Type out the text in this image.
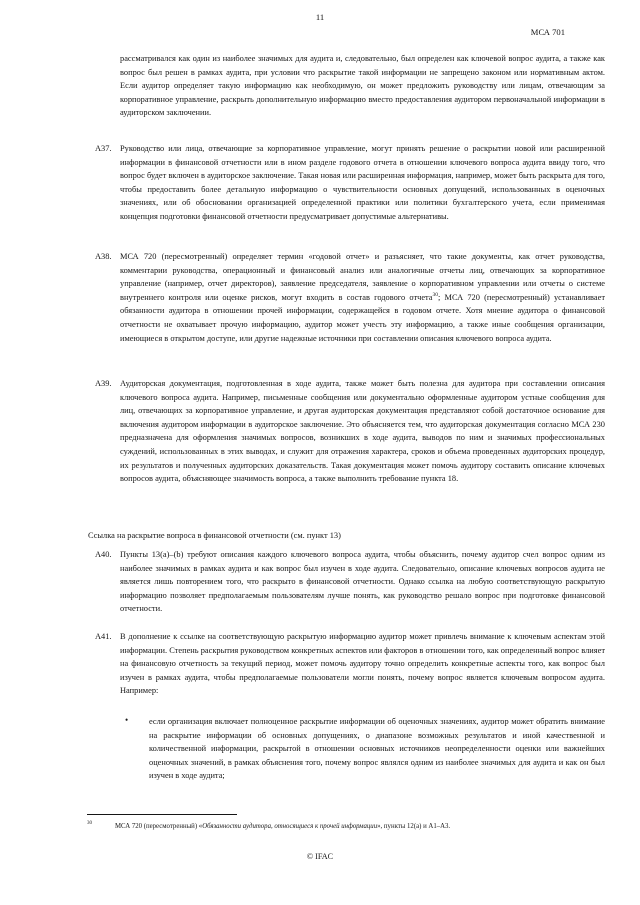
11
МСА 701

рассматривался как один из наиболее значимых для аудита и, следовательно, был определен как ключевой вопрос аудита, а также как вопрос был решен в рамках аудита, при условии что раскрытие такой информации не запрещено законом или нормативным актом. Если аудитор определяет такую информацию как необходимую, он может предложить руководству или лицам, отвечающим за корпоративное управление, раскрыть дополнительную информацию вместо предоставления аудитором первоначальной информации в аудиторском заключении.

A37. Руководство или лица, отвечающие за корпоративное управление, могут принять решение о раскрытии новой или расширенной информации в финансовой отчетности или в ином разделе годового отчета в отношении ключевого вопроса аудита ввиду того, что вопрос будет включен в аудиторское заключение. Такая новая или расширенная информация, например, может быть раскрыта для того, чтобы предоставить более детальную информацию о чувствительности основных допущений, использованных в оценочных значениях, или об обосновании организацией определенной практики или политики бухгалтерского учета, если применимая концепция подготовки финансовой отчетности предусматривает допустимые альтернативы.

A38. МСА 720 (пересмотренный) определяет термин «годовой отчет» и разъясняет, что такие документы, как отчет руководства, комментарии руководства, операционный и финансовый анализ или аналогичные отчеты лиц, отвечающих за корпоративное управление (например, отчет директоров), заявление председателя, заявление о корпоративном управлении или отчеты о системе внутреннего контроля или оценке рисков, могут входить в состав годового отчета$^{30}$; МСА 720 (пересмотренный) устанавливает обязанности аудитора в отношении прочей информации, содержащейся в годовом отчете. Хотя мнение аудитора о финансовой отчетности не охватывает прочую информацию, аудитор может учесть эту информацию, а также иные сообщения организации, имеющиеся в открытом доступе, или другие надежные источники при составлении описания ключевого вопроса аудита.

A39. Аудиторская документация, подготовленная в ходе аудита, также может быть полезна для аудитора при составлении описания ключевого вопроса аудита. Например, письменные сообщения или документально оформленные аудитором устные сообщения для лиц, отвечающих за корпоративное управление, и другая аудиторская документация представляют собой достаточное основание для включения аудитором информации в аудиторское заключение. Это объясняется тем, что аудиторская документация согласно МСА 230 предназначена для оформления значимых вопросов, возникших в ходе аудита, выводов по ним и значимых профессиональных суждений, использованных в этих выводах, и служит для отражения характера, сроков и объема проведенных аудиторских процедур, их результатов и полученных аудиторских доказательств. Такая документация может помочь аудитору составить описание ключевых вопросов аудита, объясняющее значимость вопроса, а также выполнить требование пункта 18.

Ссылка на раскрытие вопроса в финансовой отчетности (см. пункт 13)
A40. Пункты 13(a)–(b) требуют описания каждого ключевого вопроса аудита, чтобы объяснить, почему аудитор счел вопрос одним из наиболее значимых в рамках аудита и как вопрос был изучен в ходе аудита. Следовательно, описание ключевых вопросов аудита не является лишь повторением того, что раскрыто в финансовой отчетности. Однако ссылка на любую соответствующую раскрытую информацию позволяет предполагаемым пользователям лучше понять, как руководство решало вопрос при подготовке финансовой отчетности.

A41. В дополнение к ссылке на соответствующую раскрытую информацию аудитор может привлечь внимание к ключевым аспектам этой информации. Степень раскрытия руководством конкретных аспектов или факторов в отношении того, как определенный вопрос влияет на финансовую отчетность за текущий период, может помочь аудитору точно определить конкретные аспекты того, как вопрос был изучен в рамках аудита, чтобы предполагаемые пользователи могли понять, почему вопрос является ключевым вопросом аудита. Например:

• если организация включает полноценное раскрытие информации об оценочных значениях, аудитор может обратить внимание на раскрытие информации об основных допущениях, о диапазоне возможных результатов и иной качественной и количественной информации, раскрытой в отношении основных источников неопределенности оценки или важнейших оценочных значений, в рамках объяснения того, почему вопрос являлся одним из наиболее значимых для аудита и как он был изучен в ходе аудита;

30	МСА 720 (пересмотренный) «Обязанности аудитора, относящиеся к прочей информации», пункты 12(а) и A1–A3.
© IFAC
